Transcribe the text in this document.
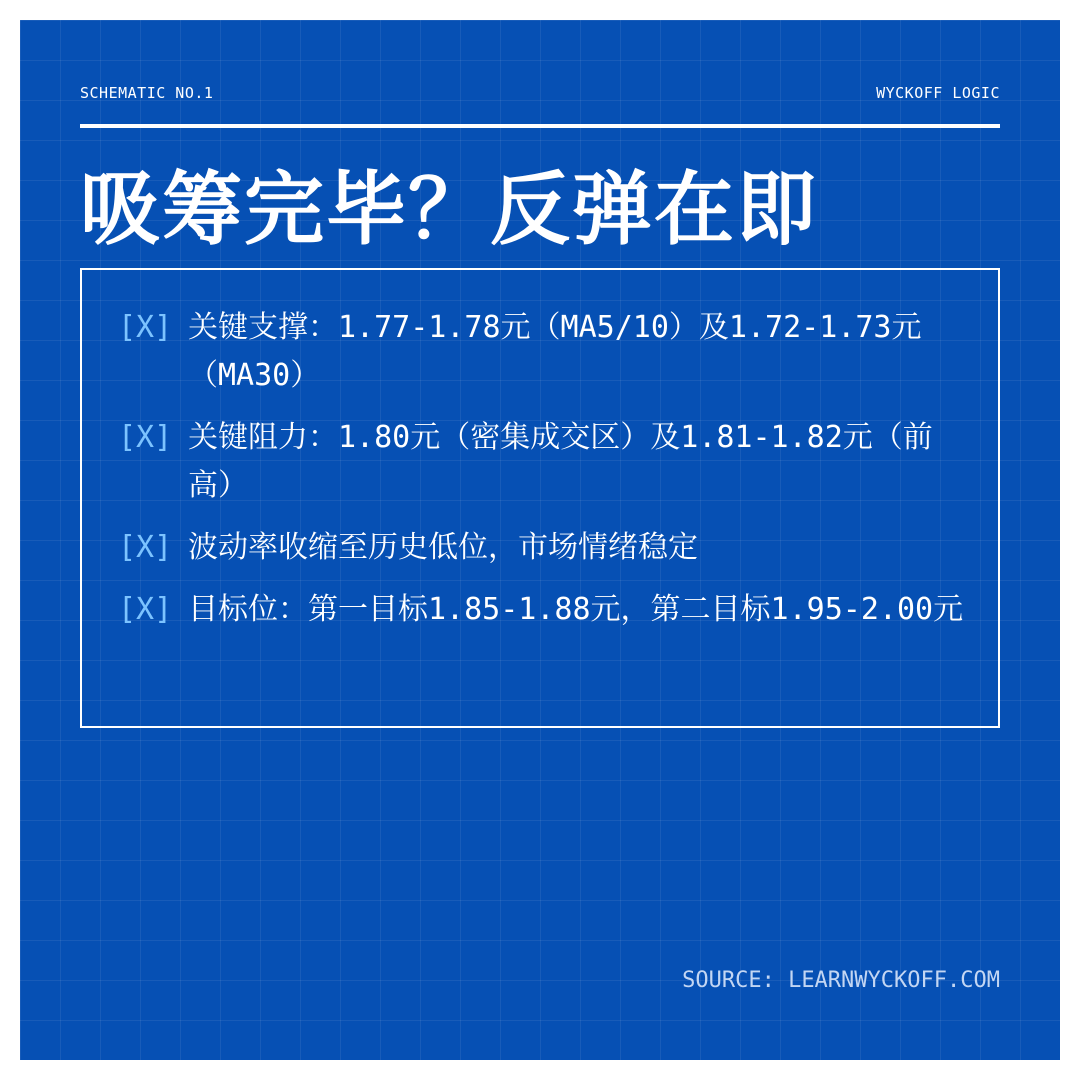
SCHEMATIC NO.1	WYCKOFF LOGIC
吸筹完毕？反弹在即
[X] 关键支撑：1.77-1.78元（MA5/10）及1.72-1.73元（MA30）
[X] 关键阻力：1.80元（密集成交区）及1.81-1.82元（前高）
[X] 波动率收缩至历史低位，市场情绪稳定
[X] 目标位：第一目标1.85-1.88元，第二目标1.95-2.00元
SOURCE: LEARNWYCKOFF.COM
